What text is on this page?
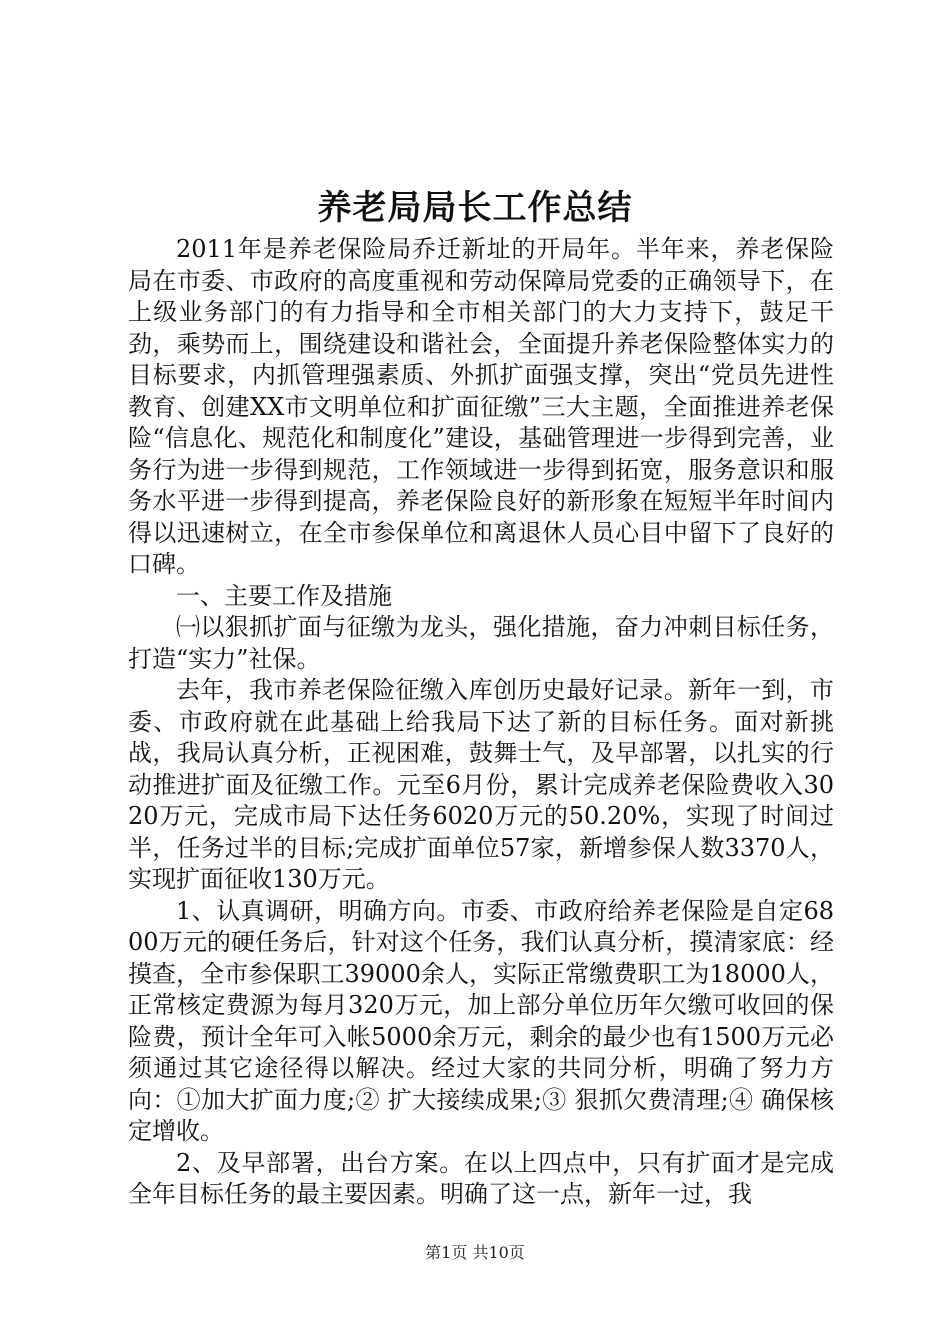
养老局局长工作总结

2011年是养老保险局乔迁新址的开局年。半年来，养老保险局在市委、市政府的高度重视和劳动保障局党委的正确领导下，在上级业务部门的有力指导和全市相关部门的大力支持下，鼓足干劲，乘势而上，围绕建设和谐社会，全面提升养老保险整体实力的目标要求，内抓管理强素质、外抓扩面强支撑，突出“党员先进性教育、创建XX市文明单位和扩面征缴”三大主题，全面推进养老保险“信息化、规范化和制度化”建设，基础管理进一步得到完善，业务行为进一步得到规范，工作领域进一步得到拓宽，服务意识和服务水平进一步得到提高，养老保险良好的新形象在短短半年时间内得以迅速树立，在全市参保单位和离退休人员心目中留下了良好的口碑。

一、主要工作及措施

㈠以狠抓扩面与征缴为龙头，强化措施，奋力冲刺目标任务，打造“实力”社保。

去年，我市养老保险征缴入库创历史最好记录。新年一到，市委、市政府就在此基础上给我局下达了新的目标任务。面对新挑战，我局认真分析，正视困难，鼓舞士气，及早部署，以扎实的行动推进扩面及征缴工作。元至6月份，累计完成养老保险费收入3020万元，完成市局下达任务6020万元的50.20%，实现了时间过半，任务过半的目标;完成扩面单位57家，新增参保人数3370人，实现扩面征收130万元。

1、认真调研，明确方向。市委、市政府给养老保险是自定6800万元的硬任务后，针对这个任务，我们认真分析，摸清家底：经摸查，全市参保职工39000余人，实际正常缴费职工为18000人，正常核定费源为每月320万元，加上部分单位历年欠缴可收回的保险费，预计全年可入帐5000余万元，剩余的最少也有1500万元必须通过其它途径得以解决。经过大家的共同分析，明确了努力方向：①加大扩面力度;② 扩大接续成果;③ 狠抓欠费清理;④ 确保核定增收。

2、及早部署，出台方案。在以上四点中，只有扩面才是完成全年目标任务的最主要因素。明确了这一点，新年一过，我

第1页 共10页
